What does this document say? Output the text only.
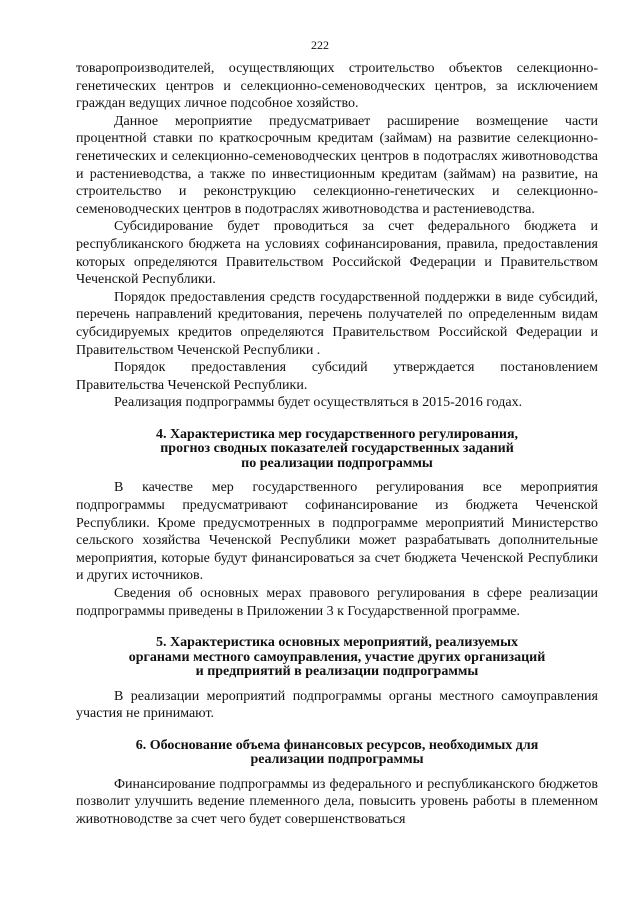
222

товаропроизводителей, осуществляющих строительство объектов селекционно-генетических центров и селекционно-семеноводческих центров, за исключением граждан ведущих личное подсобное хозяйство.

Данное мероприятие предусматривает расширение возмещение части процентной ставки по краткосрочным кредитам (займам) на развитие селекционно-генетических и селекционно-семеноводческих центров в подотраслях животноводства и растениеводства, а также по инвестиционным кредитам (займам) на развитие, на строительство и реконструкцию селекционно-генетических и селекционно-семеноводческих центров в подотраслях животноводства и растениеводства.

Субсидирование будет проводиться за счет федерального бюджета и республиканского бюджета на условиях софинансирования, правила, предоставления которых определяются Правительством Российской Федерации и Правительством Чеченской Республики.

Порядок предоставления средств государственной поддержки в виде субсидий, перечень направлений кредитования, перечень получателей по определенным видам субсидируемых кредитов определяются Правительством Российской Федерации и Правительством Чеченской Республики .

Порядок предоставления субсидий утверждается постановлением Правительства Чеченской Республики.

Реализация подпрограммы будет осуществляться в 2015-2016 годах.

4. Характеристика мер государственного регулирования,
прогноз сводных показателей государственных заданий
по реализации подпрограммы

В качестве мер государственного регулирования все мероприятия подпрограммы предусматривают софинансирование из бюджета Чеченской Республики. Кроме предусмотренных в подпрограмме мероприятий Министерство сельского хозяйства Чеченской Республики может разрабатывать дополнительные мероприятия, которые будут финансироваться за счет бюджета Чеченской Республики и других источников.

Сведения об основных мерах правового регулирования в сфере реализации подпрограммы приведены в Приложении 3 к Государственной программе.

5. Характеристика основных мероприятий, реализуемых
органами местного самоуправления, участие других организаций
и предприятий в реализации подпрограммы

В реализации мероприятий подпрограммы органы местного самоуправления участия не принимают.

6. Обоснование объема финансовых ресурсов, необходимых для
реализации подпрограммы

Финансирование подпрограммы из федерального и республиканского бюджетов позволит улучшить ведение племенного дела, повысить уровень работы в племенном животноводстве за счет чего будет совершенствоваться
